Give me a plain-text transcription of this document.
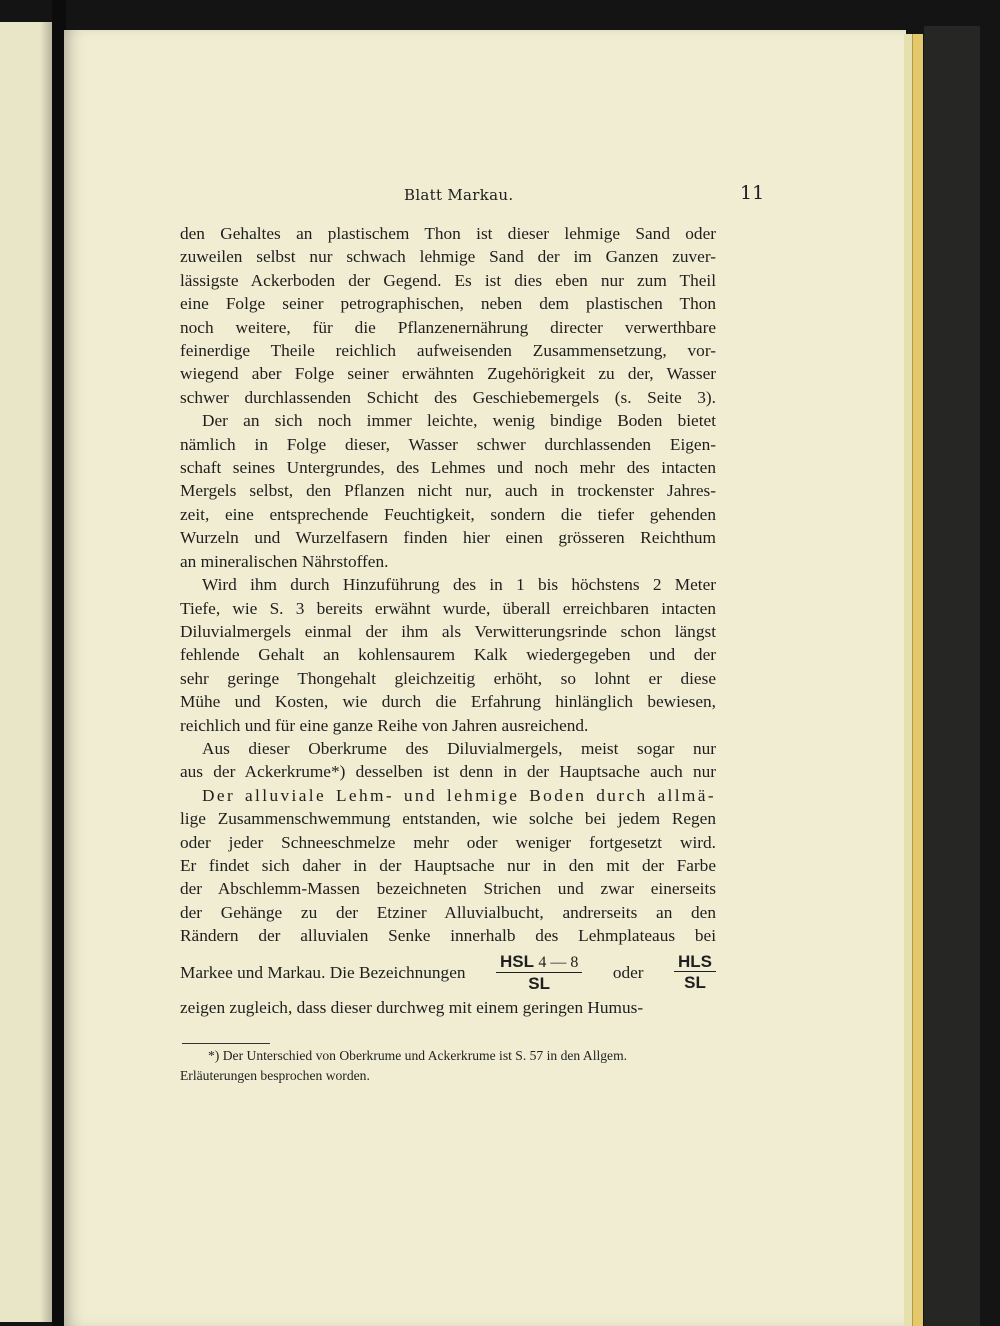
Blatt Markau.	11
den Gehaltes an plastischem Thon ist dieser lehmige Sand oder
zuweilen selbst nur schwach lehmige Sand der im Ganzen zuver-
lässigste Ackerboden der Gegend. Es ist dies eben nur zum Theil
eine Folge seiner petrographischen, neben dem plastischen Thon
noch weitere, für die Pflanzenernährung directer verwerthbare
feinerdige Theile reichlich aufweisenden Zusammensetzung, vor-
wiegend aber Folge seiner erwähnten Zugehörigkeit zu der, Wasser
schwer durchlassenden Schicht des Geschiebemergels (s. Seite 3).
Der an sich noch immer leichte, wenig bindige Boden bietet
nämlich in Folge dieser, Wasser schwer durchlassenden Eigen-
schaft seines Untergrundes, des Lehmes und noch mehr des intacten
Mergels selbst, den Pflanzen nicht nur, auch in trockenster Jahres-
zeit, eine entsprechende Feuchtigkeit, sondern die tiefer gehenden
Wurzeln und Wurzelfasern finden hier einen grösseren Reichthum
an mineralischen Nährstoffen.
Wird ihm durch Hinzuführung des in 1 bis höchstens 2 Meter
Tiefe, wie S. 3 bereits erwähnt wurde, überall erreichbaren intacten
Diluvialmergels einmal der ihm als Verwitterungsrinde schon längst
fehlende Gehalt an kohlensaurem Kalk wiedergegeben und der
sehr geringe Thongehalt gleichzeitig erhöht, so lohnt er diese
Mühe und Kosten, wie durch die Erfahrung hinlänglich bewiesen,
reichlich und für eine ganze Reihe von Jahren ausreichend.
Aus dieser Oberkrume des Diluvialmergels, meist sogar nur
aus der Ackerkrume*) desselben ist denn in der Hauptsache auch nur
Der alluviale Lehm- und lehmige Boden durch allmä-
lige Zusammenschwemmung entstanden, wie solche bei jedem Regen
oder jeder Schneeschmelze mehr oder weniger fortgesetzt wird.
Er findet sich daher in der Hauptsache nur in den mit der Farbe
der Abschlemm-Massen bezeichneten Strichen und zwar einerseits
der Gehänge zu der Etziner Alluvialbucht, andrerseits an den
Rändern der alluvialen Senke innerhalb des Lehmplateaus bei
Markee und Markau. Die Bezeichnungen $\frac{\text{HSL 4 — 8}}{SL}$ oder $\frac{\text{HLS}}{SL}$
zeigen zugleich, dass dieser durchweg mit einem geringen Humus-
*) Der Unterschied von Oberkrume und Ackerkrume ist S. 57 in den Allgem.
Erläuterungen besprochen worden.
